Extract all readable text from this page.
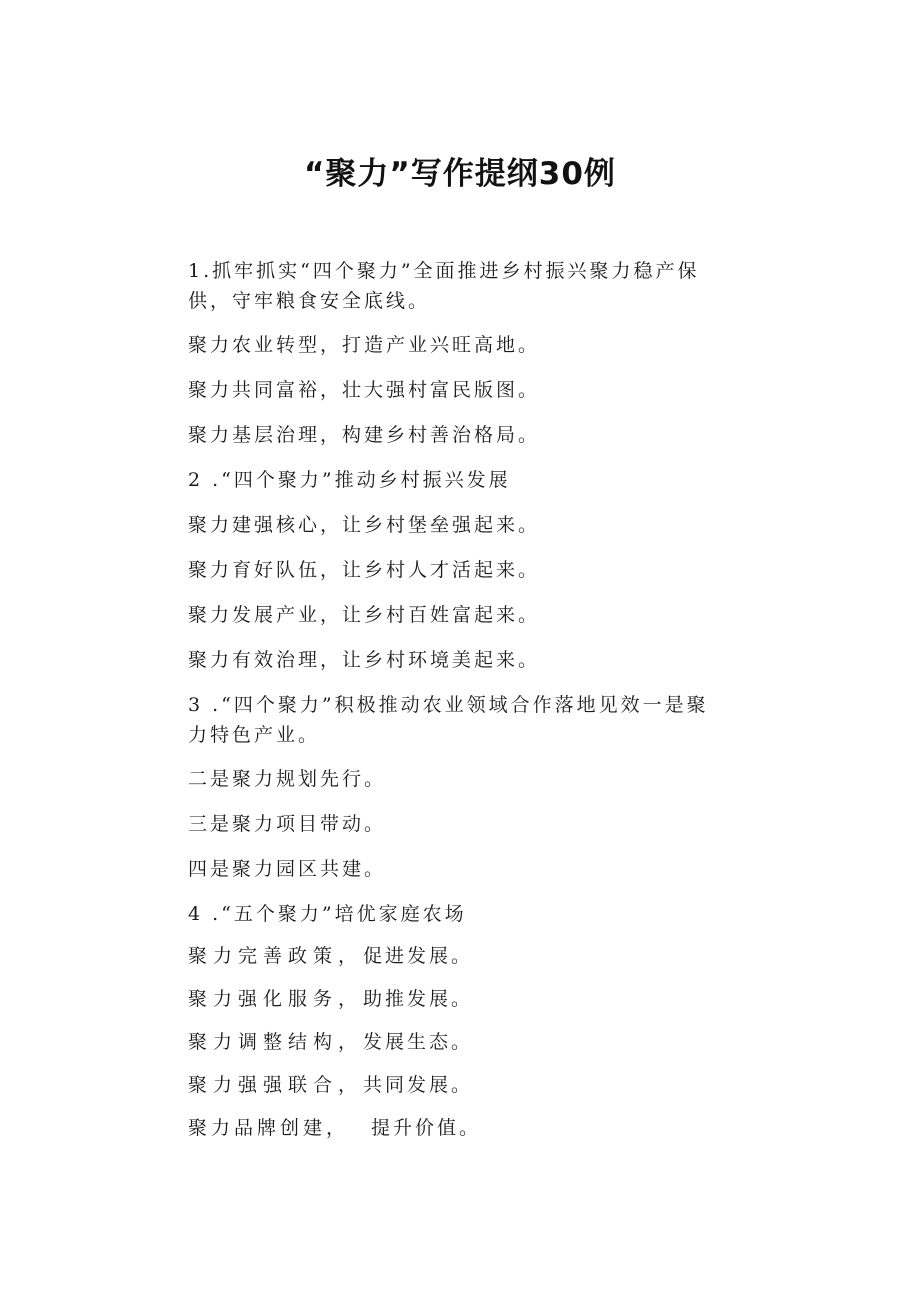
“聚力”写作提纲30例
1.抓牢抓实“四个聚力”全面推进乡村振兴聚力稳产保供，守牢粮食安全底线。
聚力农业转型，打造产业兴旺高地。
聚力共同富裕，壮大强村富民版图。
聚力基层治理，构建乡村善治格局。
2 .“四个聚力”推动乡村振兴发展
聚力建强核心，让乡村堡垒强起来。
聚力育好队伍，让乡村人才活起来。
聚力发展产业，让乡村百姓富起来。
聚力有效治理，让乡村环境美起来。
3 .“四个聚力”积极推动农业领域合作落地见效一是聚力特色产业。
二是聚力规划先行。
三是聚力项目带动。
四是聚力园区共建。
4 .“五个聚力”培优家庭农场
聚力完善政策，促进发展。
聚力强化服务，助推发展。
聚力调整结构，发展生态。
聚力强强联合，共同发展。
聚力品牌创建， 提升价值。
